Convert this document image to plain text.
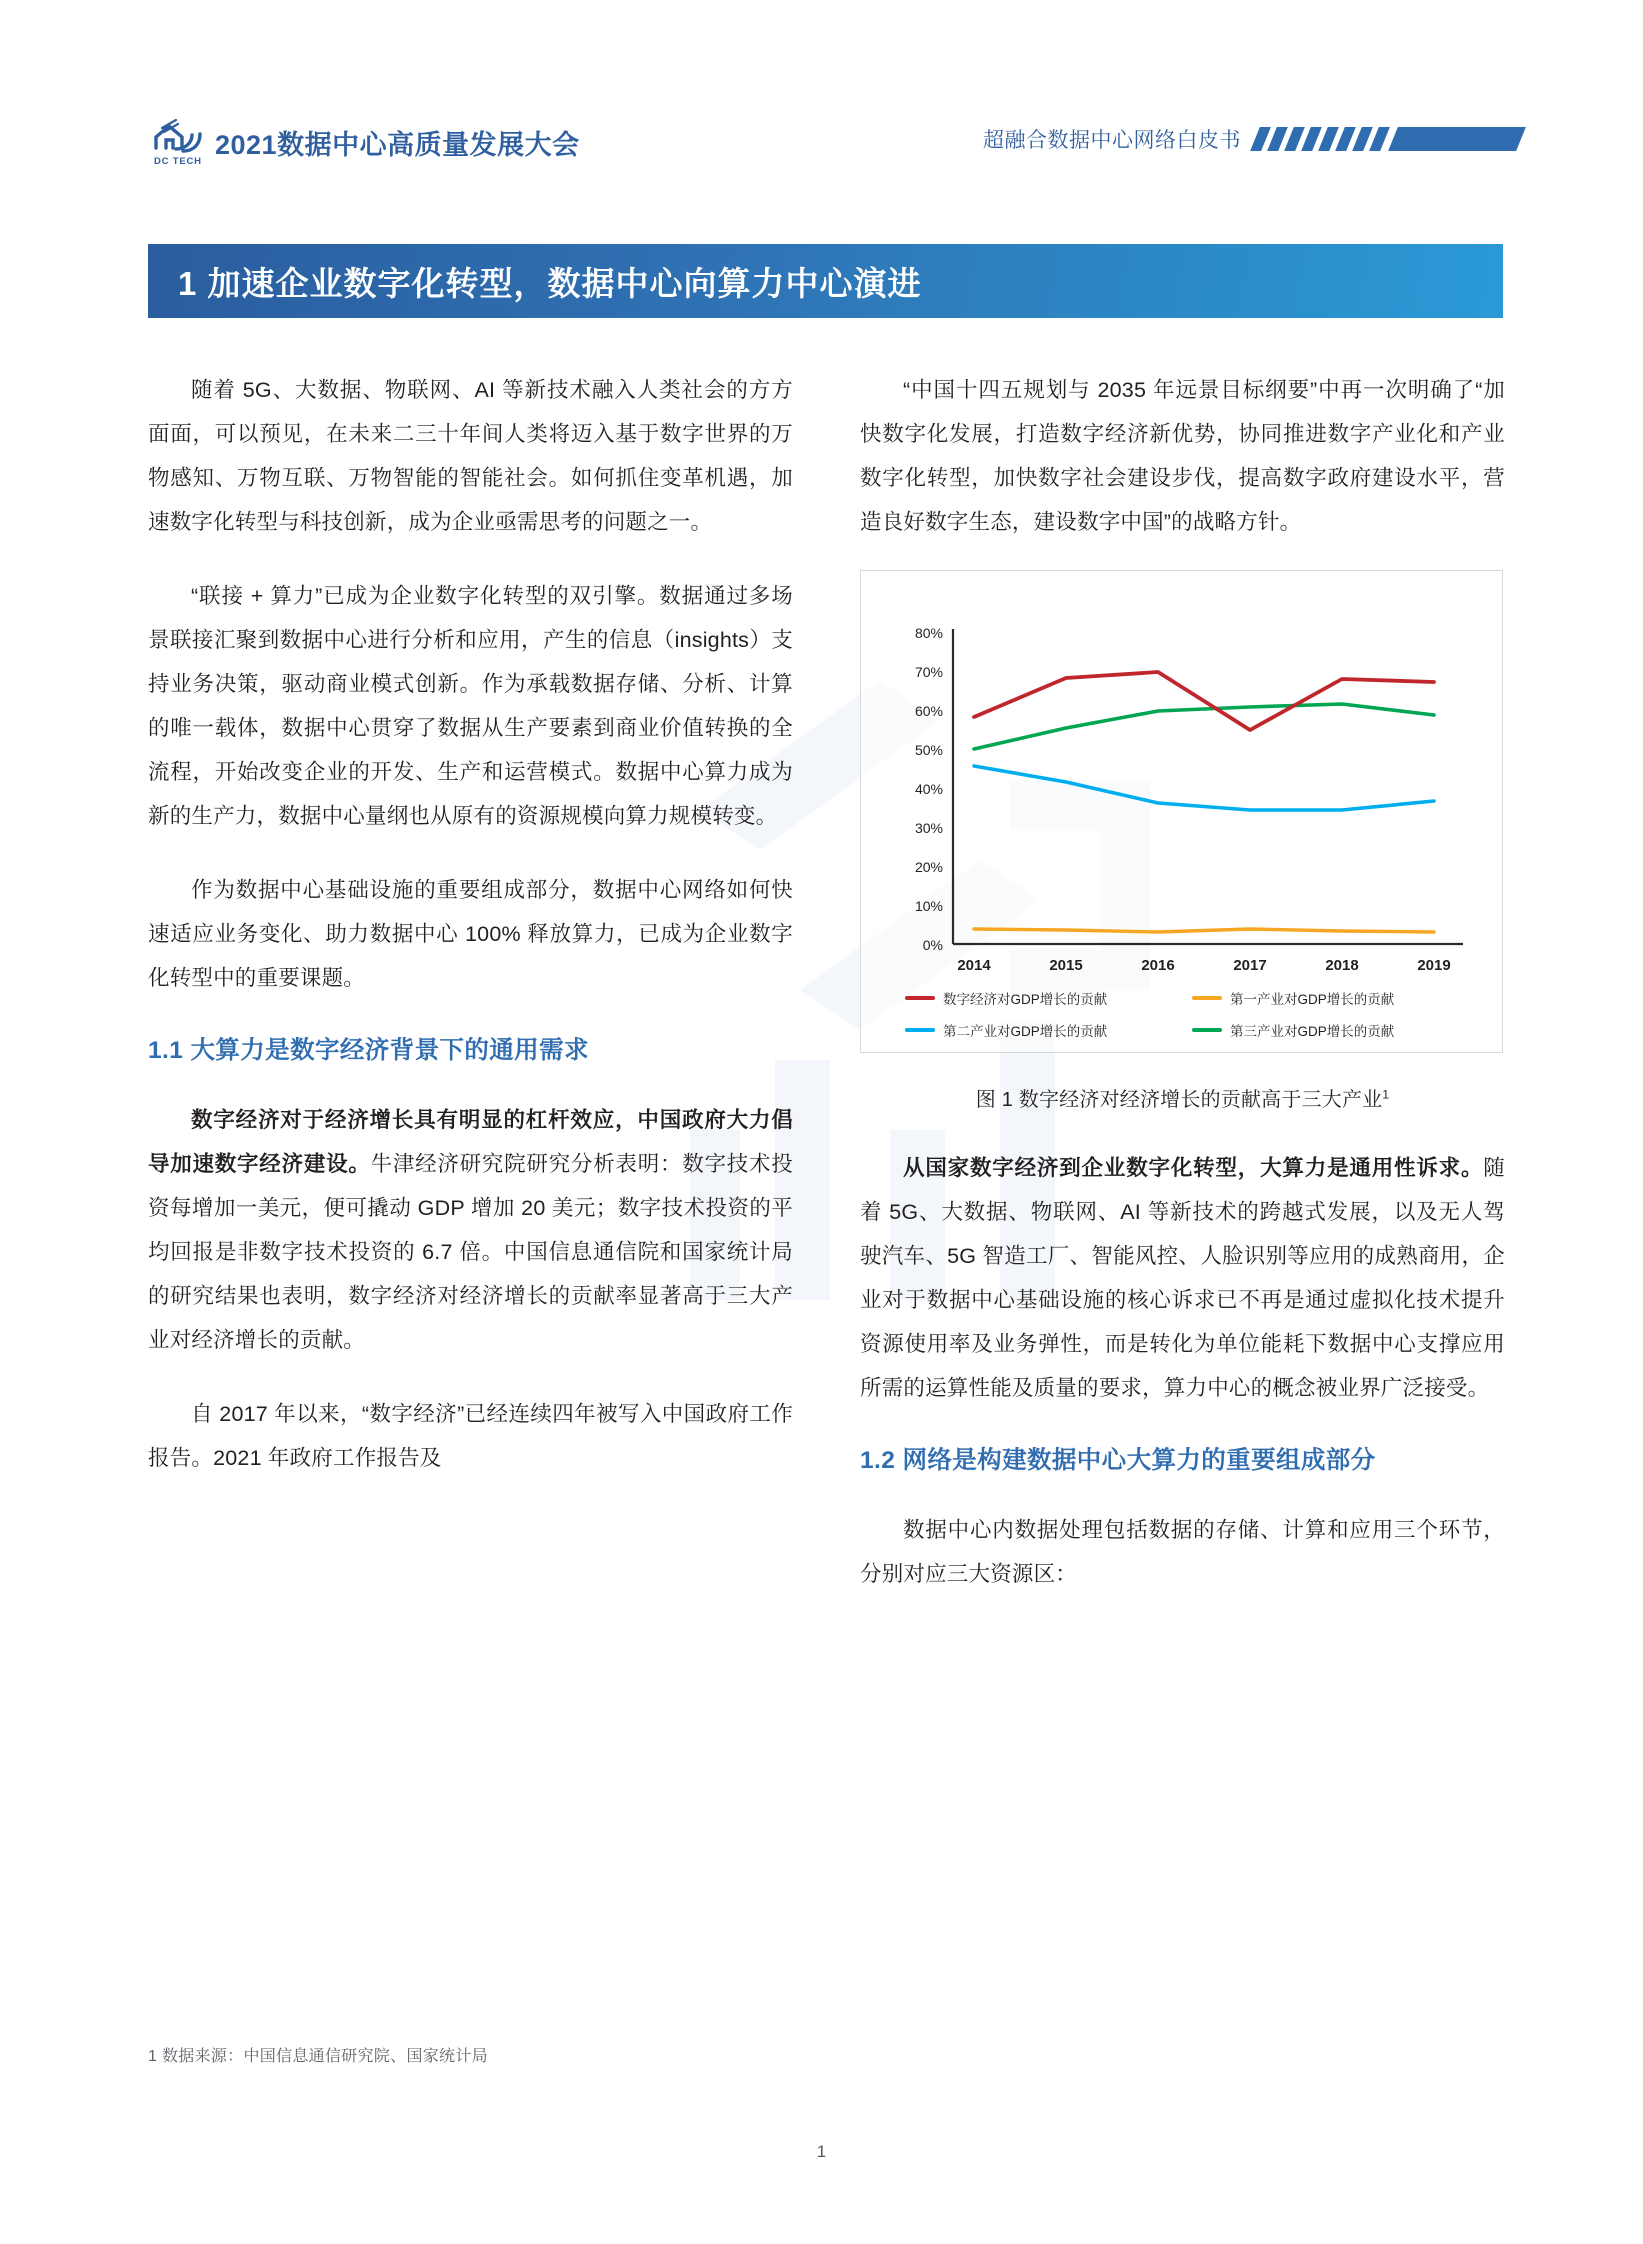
DC TECH
2021数据中心高质量发展大会	超融合数据中心网络白皮书
1 加速企业数字化转型，数据中心向算力中心演进

随着 5G、大数据、物联网、AI 等新技术融入人类社会的方方面面，可以预见，在未来二三十年间人类将迈入基于数字世界的万物感知、万物互联、万物智能的智能社会。如何抓住变革机遇，加速数字化转型与科技创新，成为企业亟需思考的问题之一。

“联接 + 算力”已成为企业数字化转型的双引擎。数据通过多场景联接汇聚到数据中心进行分析和应用，产生的信息（insights）支持业务决策，驱动商业模式创新。作为承载数据存储、分析、计算的唯一载体，数据中心贯穿了数据从生产要素到商业价值转换的全流程，开始改变企业的开发、生产和运营模式。数据中心算力成为新的生产力，数据中心量纲也从原有的资源规模向算力规模转变。

作为数据中心基础设施的重要组成部分，数据中心网络如何快速适应业务变化、助力数据中心 100% 释放算力，已成为企业数字化转型中的重要课题。

1.1 大算力是数字经济背景下的通用需求

数字经济对于经济增长具有明显的杠杆效应，中国政府大力倡导加速数字经济建设。牛津经济研究院研究分析表明：数字技术投资每增加一美元，便可撬动 GDP 增加 20 美元；数字技术投资的平均回报是非数字技术投资的 6.7 倍。中国信息通信院和国家统计局的研究结果也表明，数字经济对经济增长的贡献率显著高于三大产业对经济增长的贡献。

自 2017 年以来，“数字经济”已经连续四年被写入中国政府工作报告。2021 年政府工作报告及

“中国十四五规划与 2035 年远景目标纲要”中再一次明确了“加快数字化发展，打造数字经济新优势，协同推进数字产业化和产业数字化转型，加快数字社会建设步伐，提高数字政府建设水平，营造良好数字生态，建设数字中国”的战略方针。

80%
70%
60%
50%
40%
30%
20%
10%
0%
2014	2015	2016	2017	2018	2019
数字经济对GDP增长的贡献	第一产业对GDP增长的贡献
第二产业对GDP增长的贡献	第三产业对GDP增长的贡献
图 1 数字经济对经济增长的贡献高于三大产业$^1$

从国家数字经济到企业数字化转型，大算力是通用性诉求。随着 5G、大数据、物联网、AI 等新技术的跨越式发展，以及无人驾驶汽车、5G 智造工厂、智能风控、人脸识别等应用的成熟商用，企业对于数据中心基础设施的核心诉求已不再是通过虚拟化技术提升资源使用率及业务弹性，而是转化为单位能耗下数据中心支撑应用所需的运算性能及质量的要求，算力中心的概念被业界广泛接受。

1.2 网络是构建数据中心大算力的重要组成部分

数据中心内数据处理包括数据的存储、计算和应用三个环节，分别对应三大资源区：

1 数据来源：中国信息通信研究院、国家统计局
1
